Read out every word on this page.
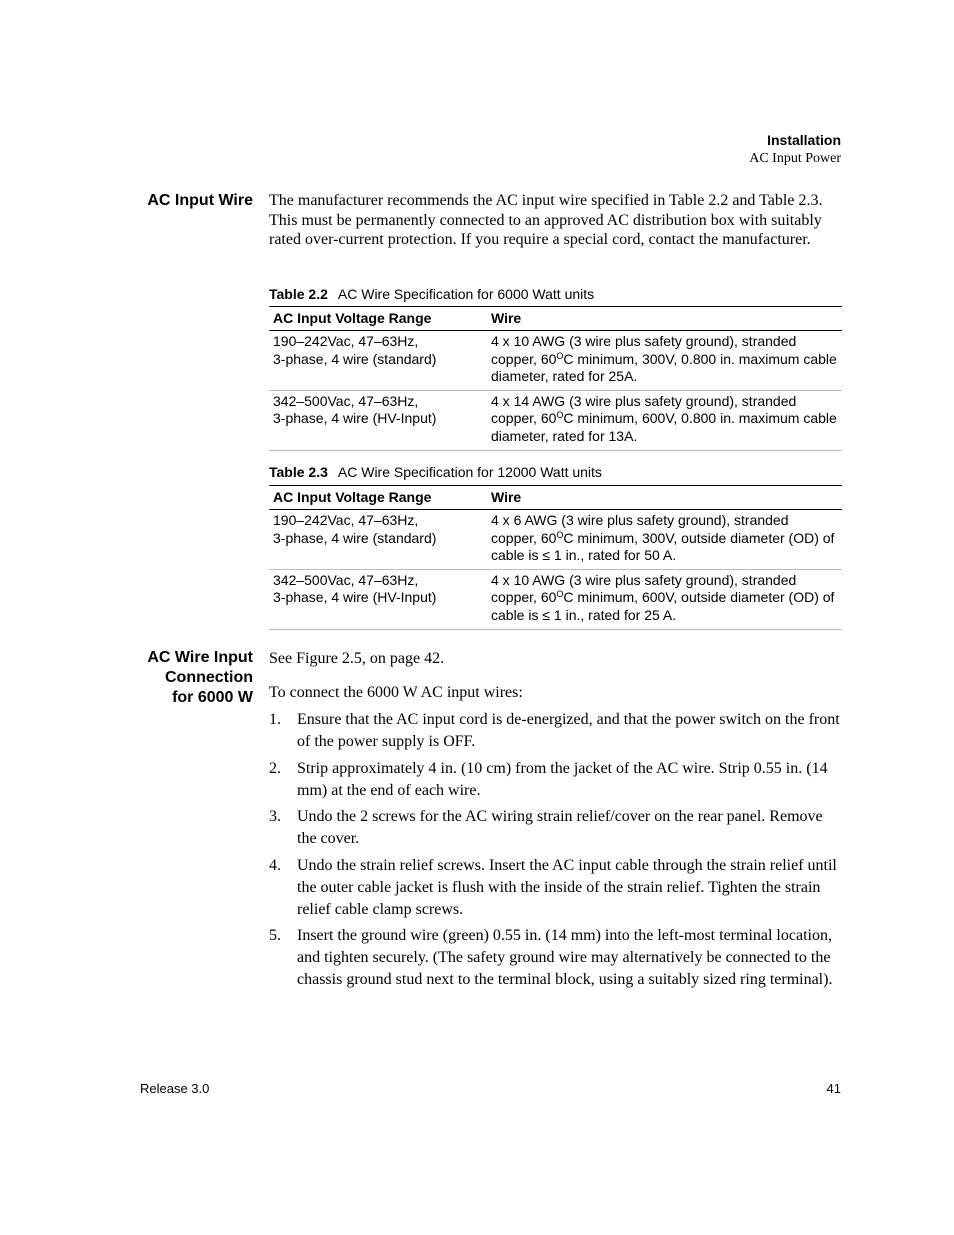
Installation
AC Input Power
AC Input Wire The manufacturer recommends the AC input wire specified in Table 2.2 and Table 2.3. This must be permanently connected to an approved AC distribution box with suitably rated over-current protection. If you require a special cord, contact the manufacturer.

Table 2.2 AC Wire Specification for 6000 Watt units
AC Input Voltage Range	Wire
190–242Vac, 47–63Hz,
3-phase, 4 wire (standard)	4 x 10 AWG (3 wire plus safety ground), stranded copper, $60^OC$ minimum, 300V, 0.800 in. maximum cable diameter, rated for 25A.
342–500Vac, 47–63Hz,
3-phase, 4 wire (HV-Input)	4 x 14 AWG (3 wire plus safety ground), stranded copper, $60^OC$ minimum, 600V, 0.800 in. maximum cable diameter, rated for 13A.
Table 2.3 AC Wire Specification for 12000 Watt units
AC Input Voltage Range	Wire
190–242Vac, 47–63Hz,
3-phase, 4 wire (standard)	4 x 6 AWG (3 wire plus safety ground), stranded copper, $60^OC$ minimum, 300V, outside diameter (OD) of cable is ≤ 1 in., rated for 50 A.
342–500Vac, 47–63Hz,
3-phase, 4 wire (HV-Input)	4 x 10 AWG (3 wire plus safety ground), stranded copper, $60^OC$ minimum, 600V, outside diameter (OD) of cable is ≤ 1 in., rated for 25 A.
AC Wire Input
Connection
for 6000 W

See Figure 2.5, on page 42.

To connect the 6000 W AC input wires:

1. Ensure that the AC input cord is de-energized, and that the power switch on the front of the power supply is OFF.
2. Strip approximately 4 in. (10 cm) from the jacket of the AC wire. Strip 0.55 in. (14 mm) at the end of each wire.
3. Undo the 2 screws for the AC wiring strain relief/cover on the rear panel. Remove the cover.
4. Undo the strain relief screws. Insert the AC input cable through the strain relief until the outer cable jacket is flush with the inside of the strain relief. Tighten the strain relief cable clamp screws.
5. Insert the ground wire (green) 0.55 in. (14 mm) into the left-most terminal location, and tighten securely. (The safety ground wire may alternatively be connected to the chassis ground stud next to the terminal block, using a suitably sized ring terminal).
Release 3.0	41
